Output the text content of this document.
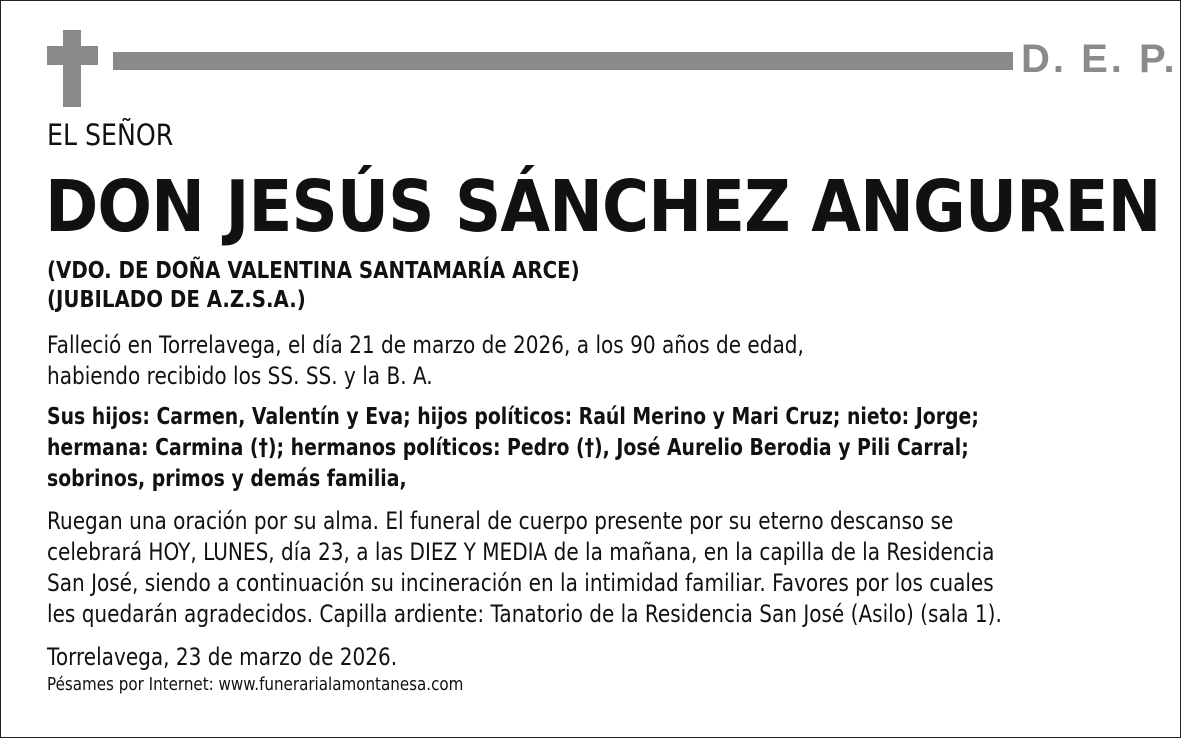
D. E. P.
EL SEÑOR
DON JESÚS SÁNCHEZ ANGUREN
(VDO. DE DOÑA VALENTINA SANTAMARÍA ARCE)
(JUBILADO DE A.Z.S.A.)
Falleció en Torrelavega, el día 21 de marzo de 2026, a los 90 años de edad,
habiendo recibido los SS. SS. y la B. A.
Sus hijos: Carmen, Valentín y Eva; hijos políticos: Raúl Merino y Mari Cruz; nieto: Jorge;
hermana: Carmina (†); hermanos políticos: Pedro (†), José Aurelio Berodia y Pili Carral;
sobrinos, primos y demás familia,
Ruegan una oración por su alma. El funeral de cuerpo presente por su eterno descanso se
celebrará HOY, LUNES, día 23, a las DIEZ Y MEDIA de la mañana, en la capilla de la Residencia
San José, siendo a continuación su incineración en la intimidad familiar. Favores por los cuales
les quedarán agradecidos. Capilla ardiente: Tanatorio de la Residencia San José (Asilo) (sala 1).
Torrelavega, 23 de marzo de 2026.
Pésames por Internet: www.funerarialamontanesa.com
